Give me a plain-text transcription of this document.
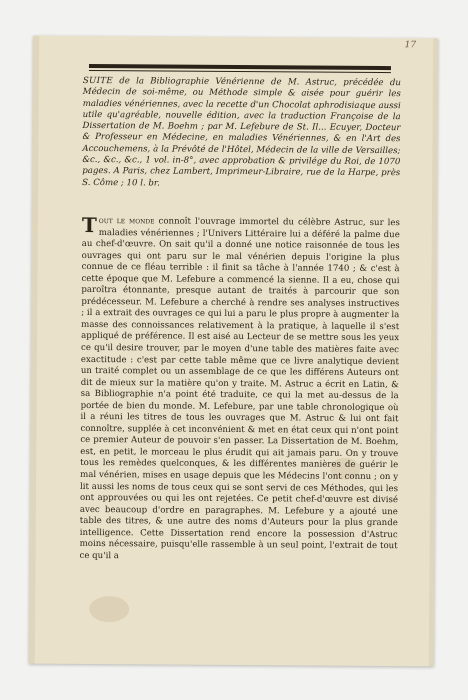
17
SUITE de la Bibliographie Vénérienne de M. Astruc, précédée du Médecin de soi-même, ou Méthode simple & aisée pour guérir les maladies vénériennes, avec la recette d'un Chocolat aphrodisiaque aussi utile qu'agréable, nouvelle édition, avec la traduction Françoise de la Dissertation de M. Boehm ; par M. Lefebure de St. Il... Ecuyer, Docteur & Professeur en Médecine, en maladies Vénériennes, & en l'Art des Accouchemens, à la Prévôté de l'Hôtel, Médecin de la ville de Versailles; &c., &c., &c., 1 vol. in-8°, avec approbation & privilége du Roi, de 1070 pages. A Paris, chez Lambert, Imprimeur-Libraire, rue de la Harpe, près S. Côme ; 10 l. br.
Tout le monde connoît l'ouvrage immortel du célèbre Astruc, sur les maladies vénériennes ; l'Univers Littéraire lui a déféré la palme due au chef-d'œuvre. On sait qu'il a donné une notice raisonnée de tous les ouvrages qui ont paru sur le mal vénérien depuis l'origine la plus connue de ce fléau terrible : il finit sa tâche à l'année 1740 ; & c'est à cette époque que M. Lefebure a commencé la sienne. Il a eu, chose qui paroîtra étonnante, presque autant de traités à parcourir que son prédécesseur. M. Lefebure a cherché à rendre ses analyses instructives ; il a extrait des ouvrages ce qui lui a paru le plus propre à augmenter la masse des connoissances relativement à la pratique, à laquelle il s'est appliqué de préférence. Il est aisé au Lecteur de se mettre sous les yeux ce qu'il desire trouver, par le moyen d'une table des matières faite avec exactitude : c'est par cette table même que ce livre analytique devient un traité complet ou un assemblage de ce que les différens Auteurs ont dit de mieux sur la matière qu'on y traite. M. Astruc a écrit en Latin, & sa Bibliographie n'a point été traduite, ce qui la met au-dessus de la portée de bien du monde. M. Lefebure, par une table chronologique où il a réuni les titres de tous les ouvrages que M. Astruc & lui ont fait connoître, supplée à cet inconvénient & met en état ceux qui n'ont point ce premier Auteur de pouvoir s'en passer. La Dissertation de M. Boehm, est, en petit, le morceau le plus érudit qui ait jamais paru. On y trouve tous les remèdes quelconques, & les différentes manières de guérir le mal vénérien, mises en usage depuis que les Médecins l'ont connu ; on y lit aussi les noms de tous ceux qui se sont servi de ces Méthodes, qui les ont approuvées ou qui les ont rejetées. Ce petit chef-d'œuvre est divisé avec beaucoup d'ordre en paragraphes. M. Lefebure y a ajouté une table des titres, & une autre des noms d'Auteurs pour la plus grande intelligence. Cette Dissertation rend encore la possession d'Astruc moins nécessaire, puisqu'elle rassemble à un seul point, l'extrait de tout ce qu'il a
